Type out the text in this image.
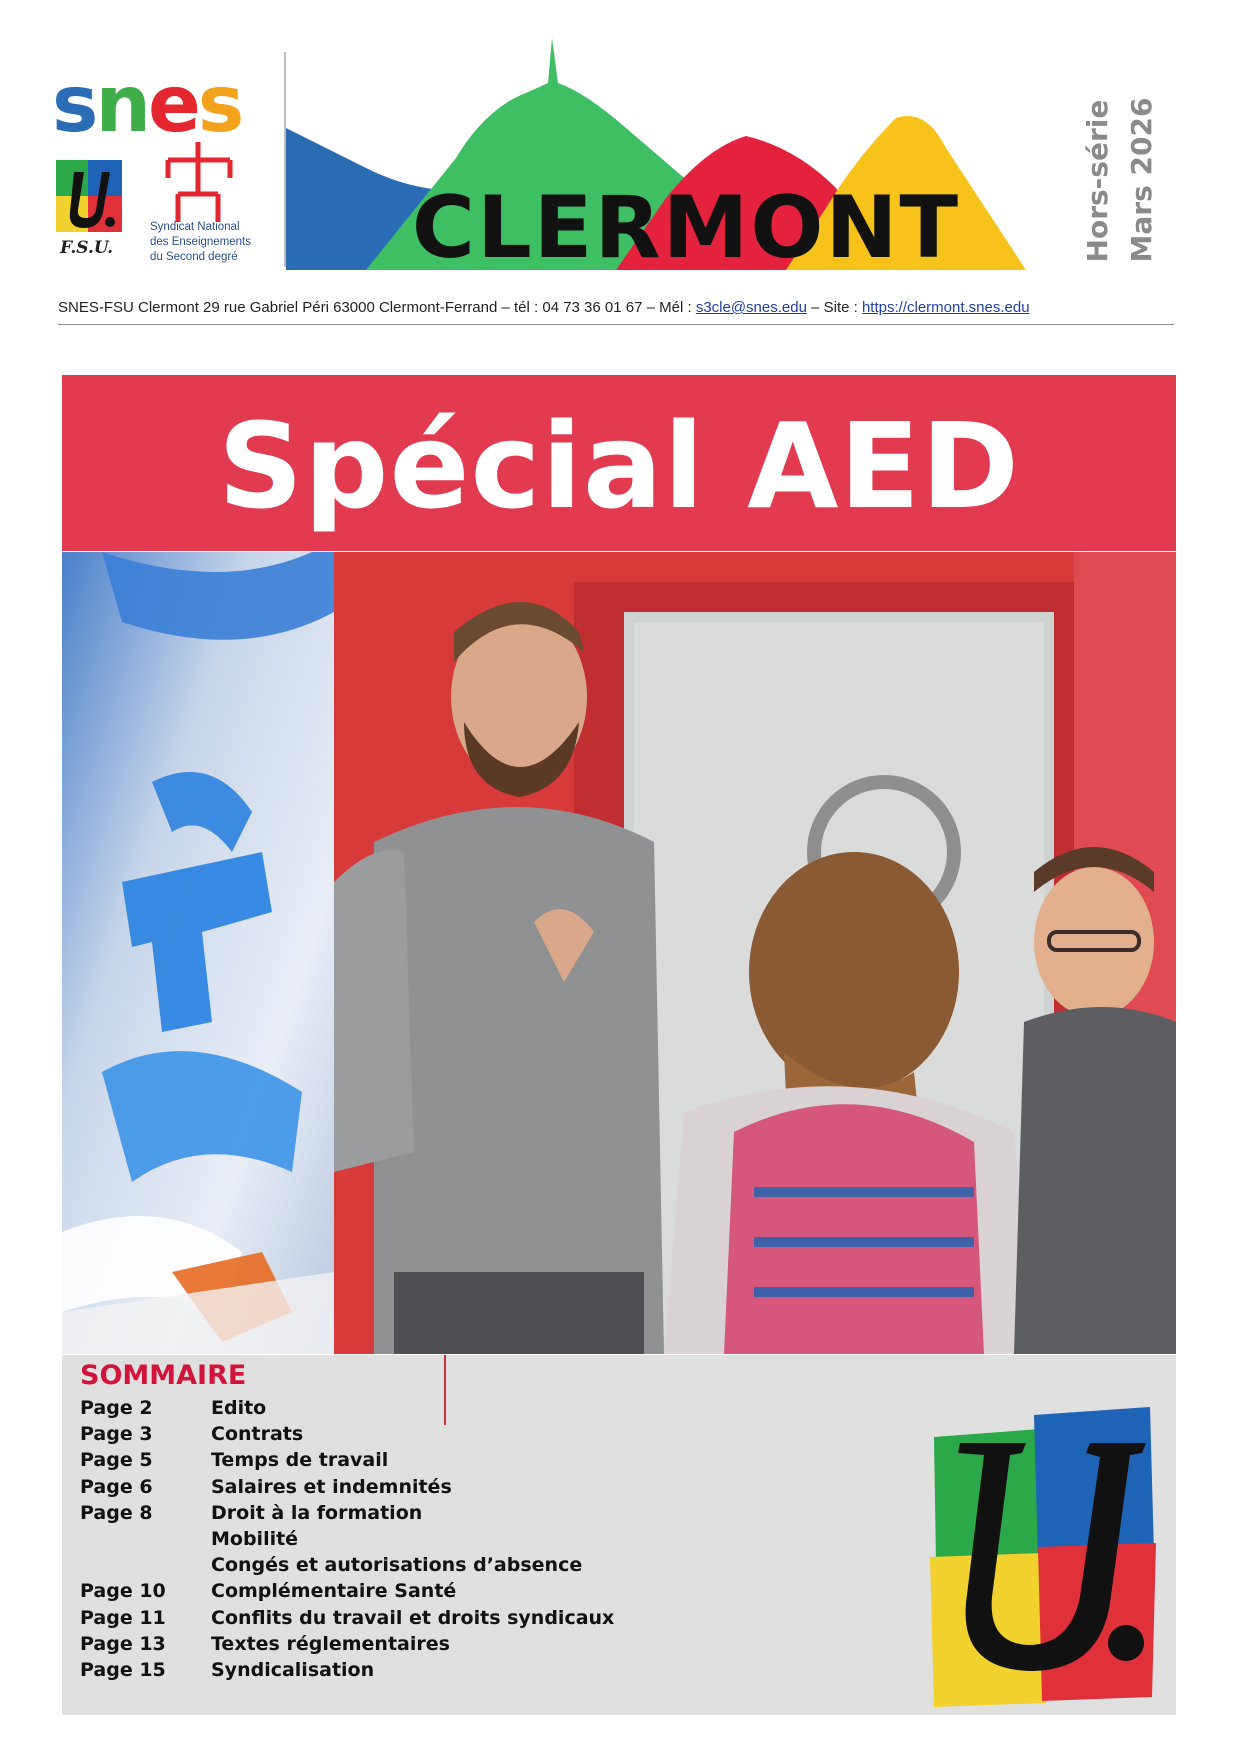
snes
F.S.U.
Syndicat National
des Enseignements
du Second degré	CLERMONT	Hors-série Mars 2026
SNES-FSU Clermont 29 rue Gabriel Péri 63000 Clermont-Ferrand – tél : 04 73 36 01 67 – Mél : s3cle@snes.edu – Site : https://clermont.snes.edu
Spécial AED
SOMMAIRE
Page 2	Edito
Page 3	Contrats
Page 5	Temps de travail
Page 6	Salaires et indemnités
Page 8	Droit à la formation
Mobilité
Congés et autorisations d’absence
Page 10	Complémentaire Santé
Page 11	Conflits du travail et droits syndicaux
Page 13	Textes réglementaires
Page 15	Syndicalisation
